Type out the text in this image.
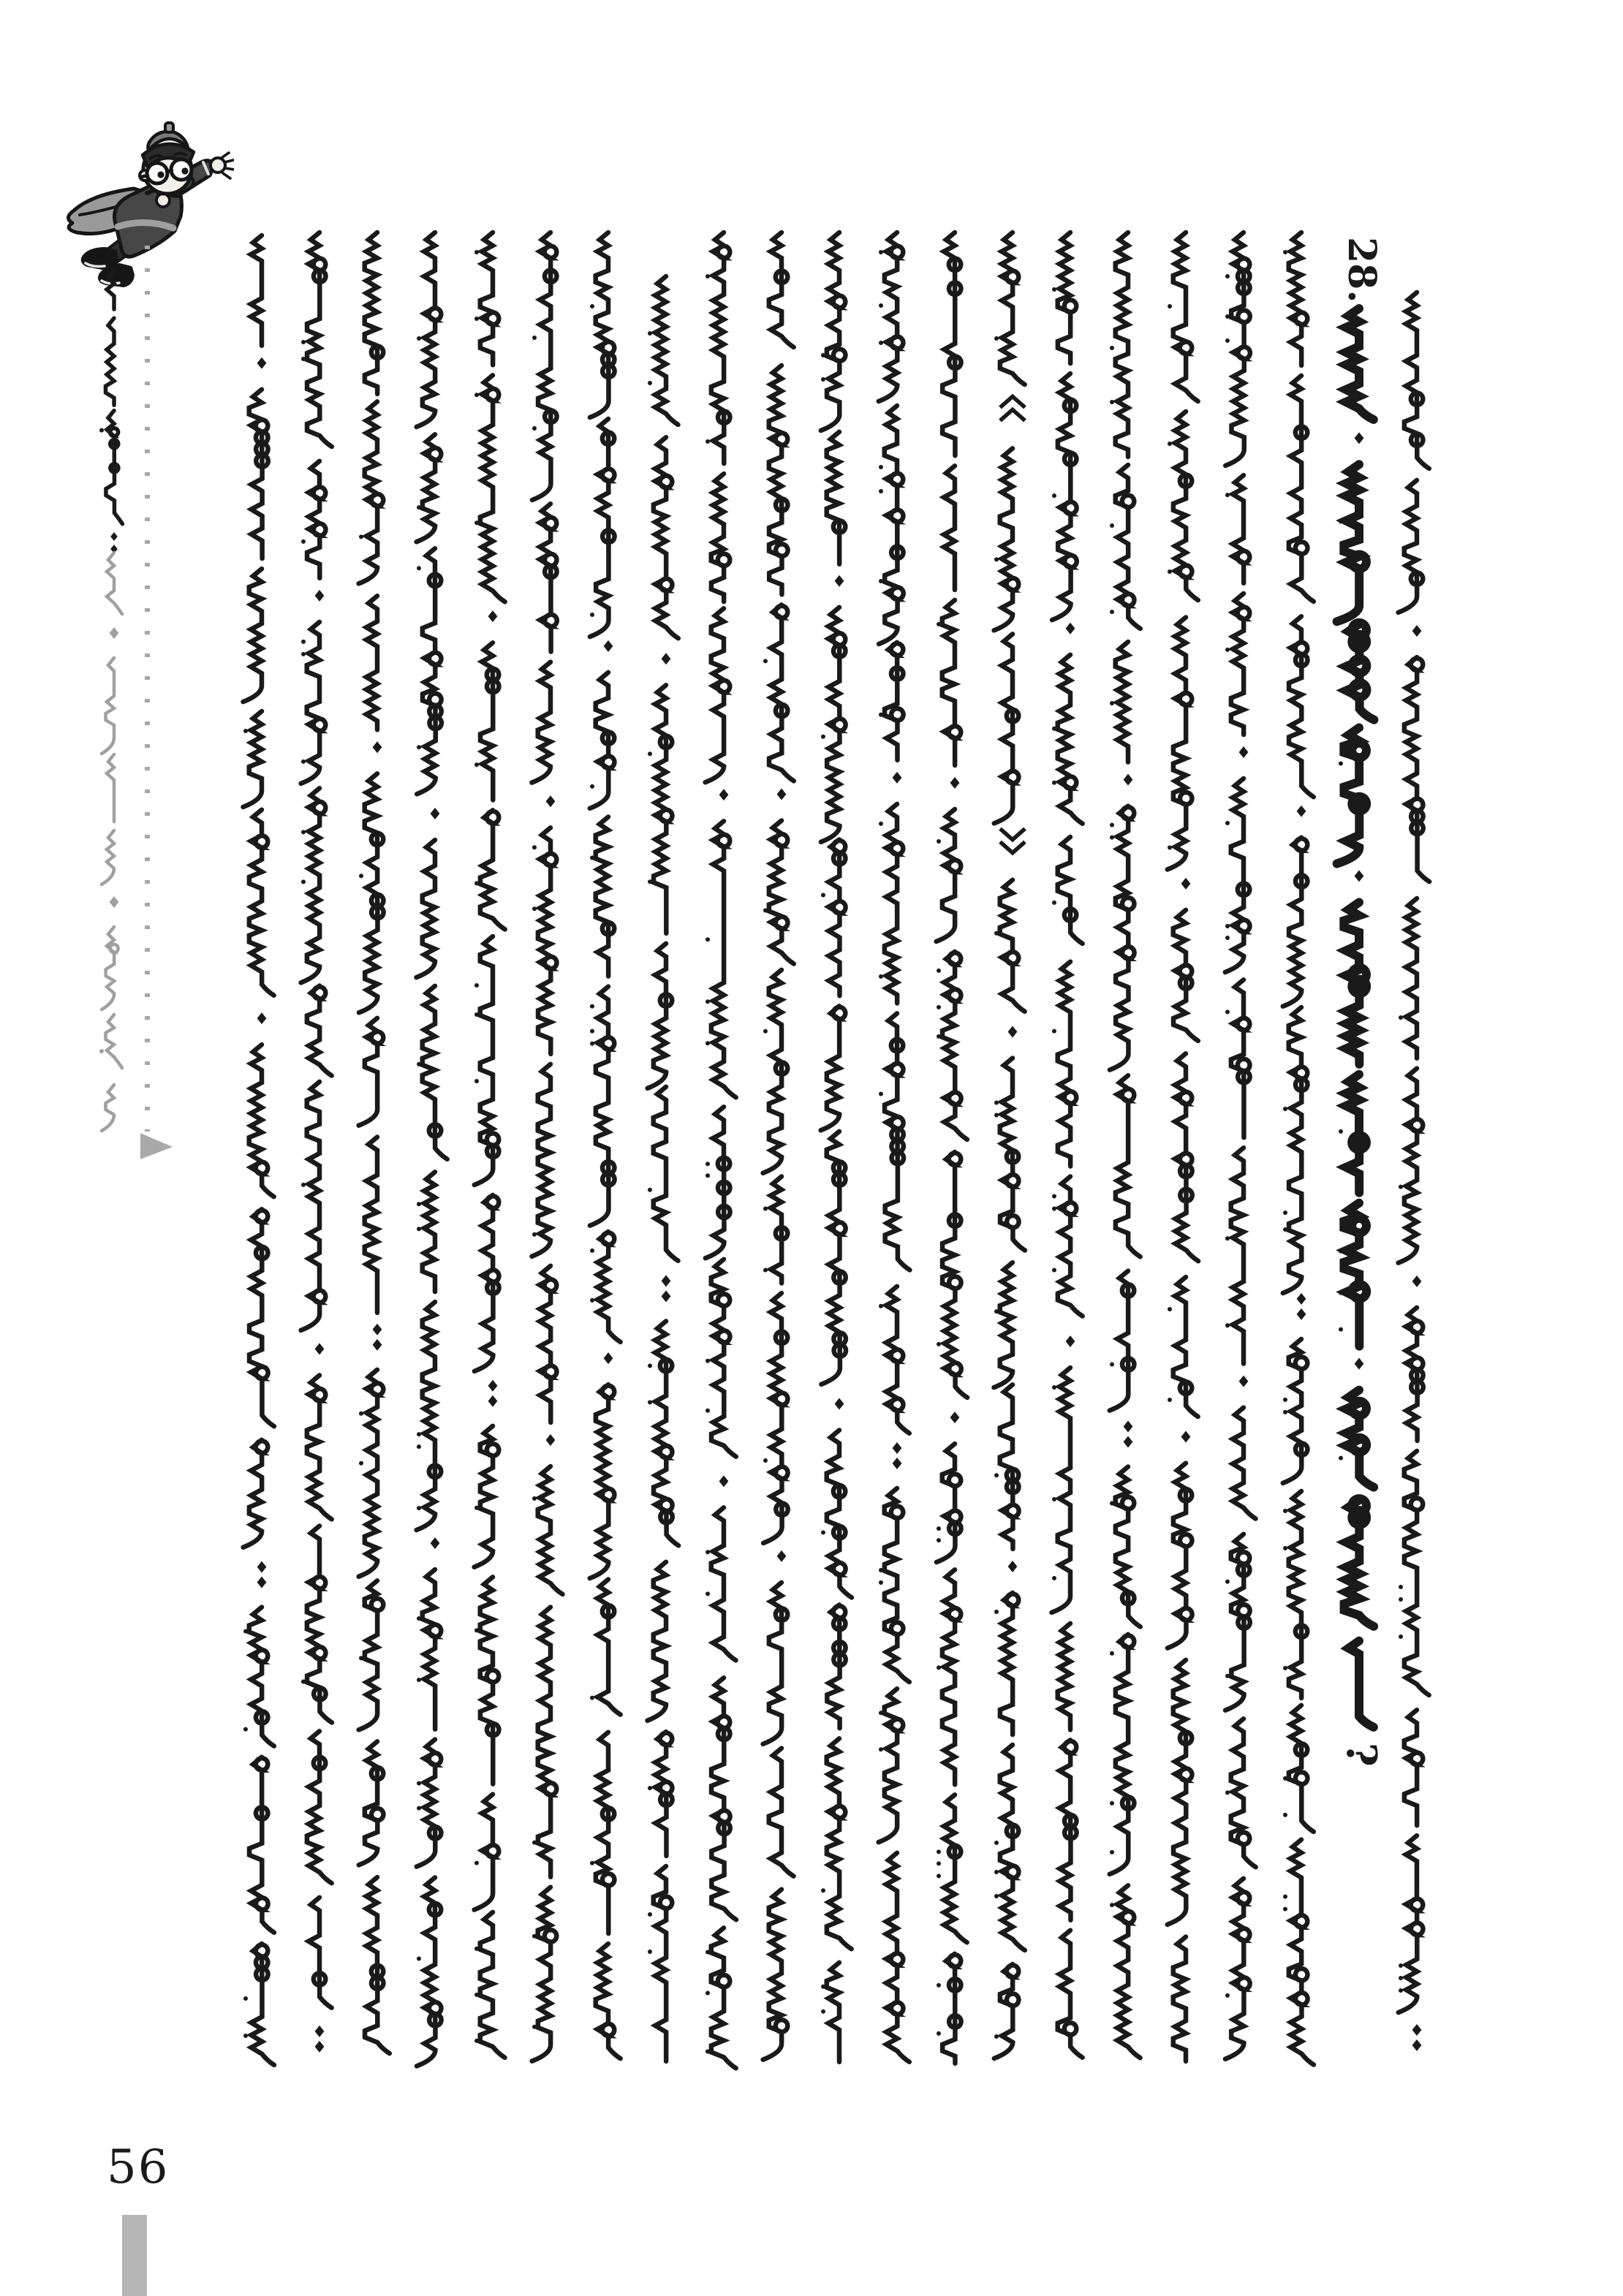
28.
?
56
